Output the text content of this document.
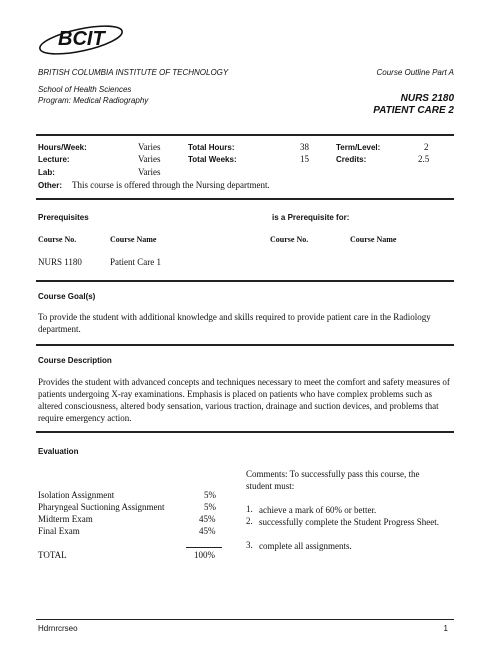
BCIT
BRITISH COLUMBIA INSTITUTE OF TECHNOLOGY
School of Health Sciences
Program: Medical Radiography
Course Outline Part A
NURS 2180
PATIENT CARE 2
Hours/Week:	Varies
Lecture:	Varies
Lab:	Varies
Total Hours:	38
Total Weeks:	15
Term/Level:	2
Credits:	2.5
Other: This course is offered through the Nursing department.
Prerequisites	is a Prerequisite for:
Course No.	Course Name	Course No.	Course Name
NURS 1180	Patient Care 1
Course Goal(s)
To provide the student with additional knowledge and skills required to provide patient care in the Radiology department.
Course Description
Provides the student with advanced concepts and techniques necessary to meet the comfort and safety measures of patients undergoing X-ray examinations. Emphasis is placed on patients who have complex problems such as altered consciousness, altered body sensation, various traction, drainage and suction devices, and problems that require emergency action.
Evaluation
Isolation Assignment	5%
Pharyngeal Suctioning Assignment	5%
Midterm Exam	45%
Final Exam	45%
TOTAL	100%
Comments: To successfully pass this course, the student must:
1. achieve a mark of 60% or better.
2. successfully complete the Student Progress Sheet.
3. complete all assignments.
Hdrnrcrseo	1
